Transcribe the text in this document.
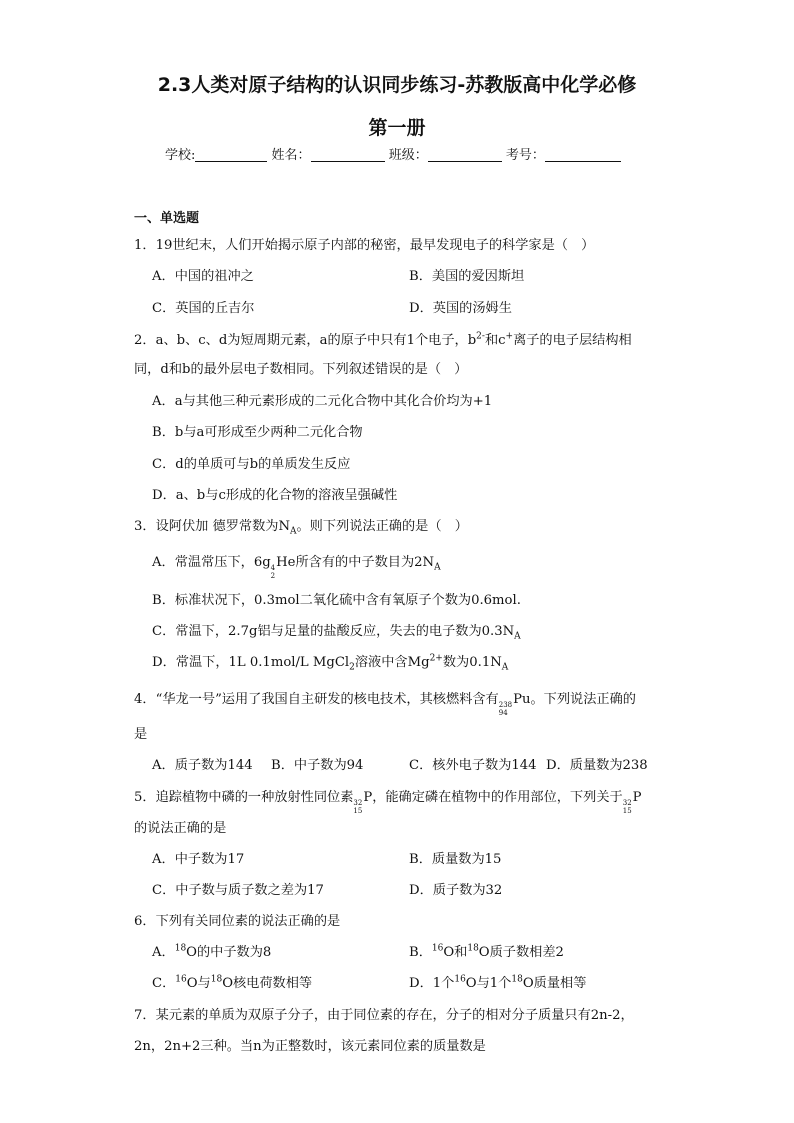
2.3人类对原子结构的认识同步练习-苏教版高中化学必修
第一册
学校:	姓名：	班级：	考号：
一、单选题
1．19世纪末，人们开始揭示原子内部的秘密，最早发现电子的科学家是（　）
A．中国的祖冲之	B．美国的爱因斯坦
C．英国的丘吉尔	D．英国的汤姆生
2．a、b、c、d为短周期元素，a的原子中只有1个电子，$b^{2-}$和c+离子的电子层结构相
同，d和b的最外层电子数相同。下列叙述错误的是（　）
A．a与其他三种元素形成的二元化合物中其化合价均为+1
B．b与a可形成至少两种二元化合物
C．d的单质可与b的单质发生反应
D．a、b与c形成的化合物的溶液呈强碱性
3．设阿伏加 德罗常数为$N_A$。则下列说法正确的是（　）
A．常温常压下，6g 4
2
He所含有的中子数目为$2N_A$
B．标准状况下，0.3mol二氧化硫中含有氧原子个数为0.6mol.
C．常温下，2.7g铝与足量的盐酸反应，失去的电子数为$0.3N_A$
D．常温下，1L 0.1mol/L MgCl$_2$溶液中含$Mg^{2+}$数为$0.1N_A$
4．“华龙一号”运用了我国自主研发的核电技术，其核燃料含有 238
94
Pu。下列说法正确的
是
A．质子数为144 B．中子数为94	C．核外电子数为144 D．质量数为238
5．追踪植物中磷的一种放射性同位素 32
15
P，能确定磷在植物中的作用部位，下列关于 32
15
P
的说法正确的是
A．中子数为17	B．质量数为15
C．中子数与质子数之差为17	D．质子数为32
6．下列有关同位素的说法正确的是
A．$^{18}$O的中子数为8	B．$^{16}$O和$^{18}$O质子数相差2
C．$^{16}$O与$^{18}$O核电荷数相等	D．1个$^{16}$O与1个$^{18}$O质量相等
7．某元素的单质为双原子分子，由于同位素的存在，分子的相对分子质量只有2n-2，
2n，2n+2三种。当n为正整数时，该元素同位素的质量数是
